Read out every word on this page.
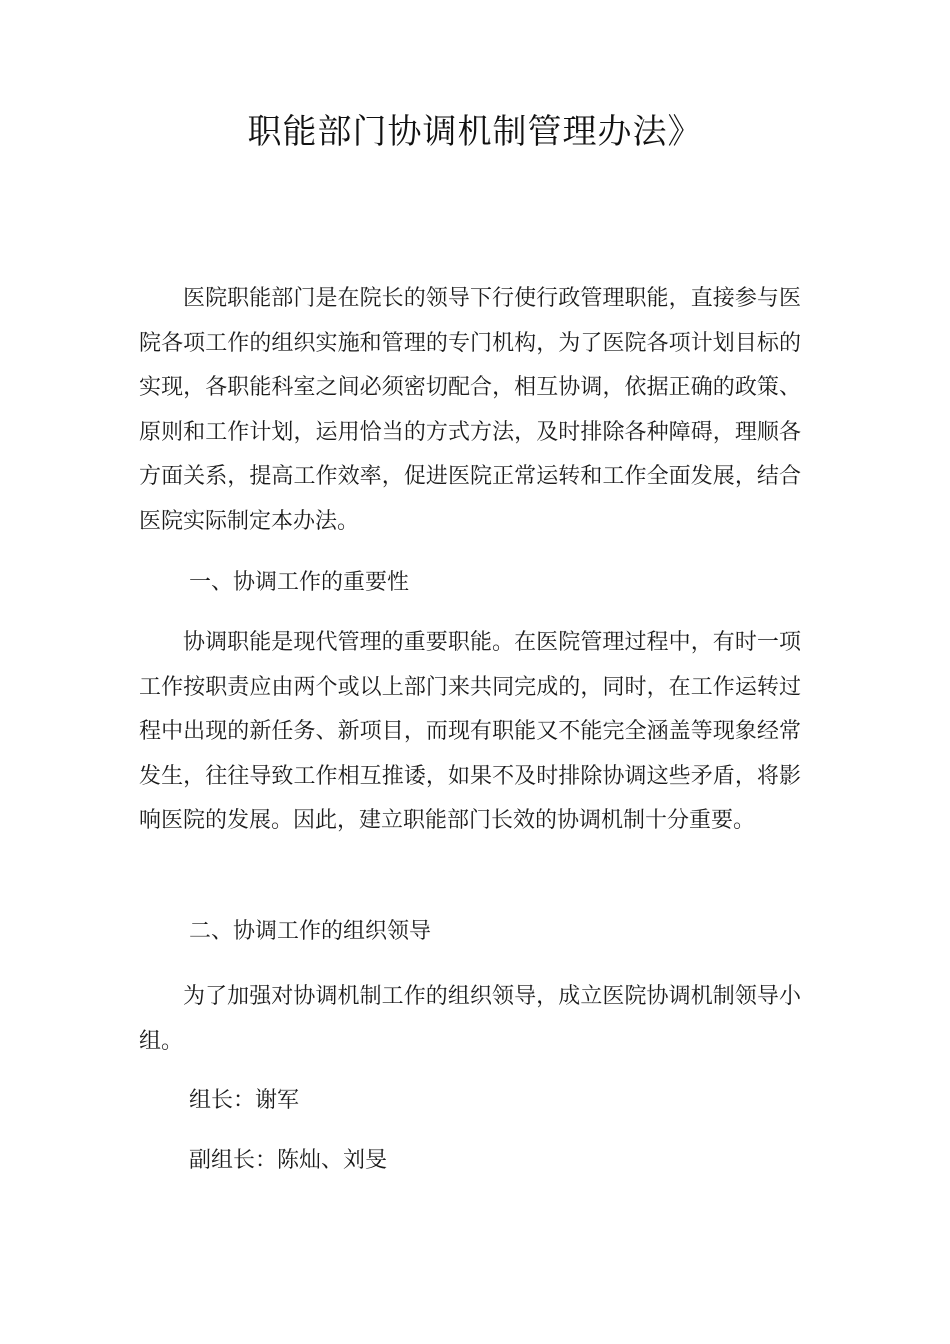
职能部门协调机制管理办法》

医院职能部门是在院长的领导下行使行政管理职能，直接参与医院各项工作的组织实施和管理的专门机构，为了医院各项计划目标的实现，各职能科室之间必须密切配合，相互协调，依据正确的政策、原则和工作计划，运用恰当的方式方法，及时排除各种障碍，理顺各方面关系，提高工作效率，促进医院正常运转和工作全面发展，结合医院实际制定本办法。

一、协调工作的重要性

协调职能是现代管理的重要职能。在医院管理过程中，有时一项工作按职责应由两个或以上部门来共同完成的，同时，在工作运转过程中出现的新任务、新项目，而现有职能又不能完全涵盖等现象经常发生，往往导致工作相互推诿，如果不及时排除协调这些矛盾，将影响医院的发展。因此，建立职能部门长效的协调机制十分重要。

二、协调工作的组织领导

为了加强对协调机制工作的组织领导，成立医院协调机制领导小组。

组长：谢军

副组长：陈灿、刘旻
